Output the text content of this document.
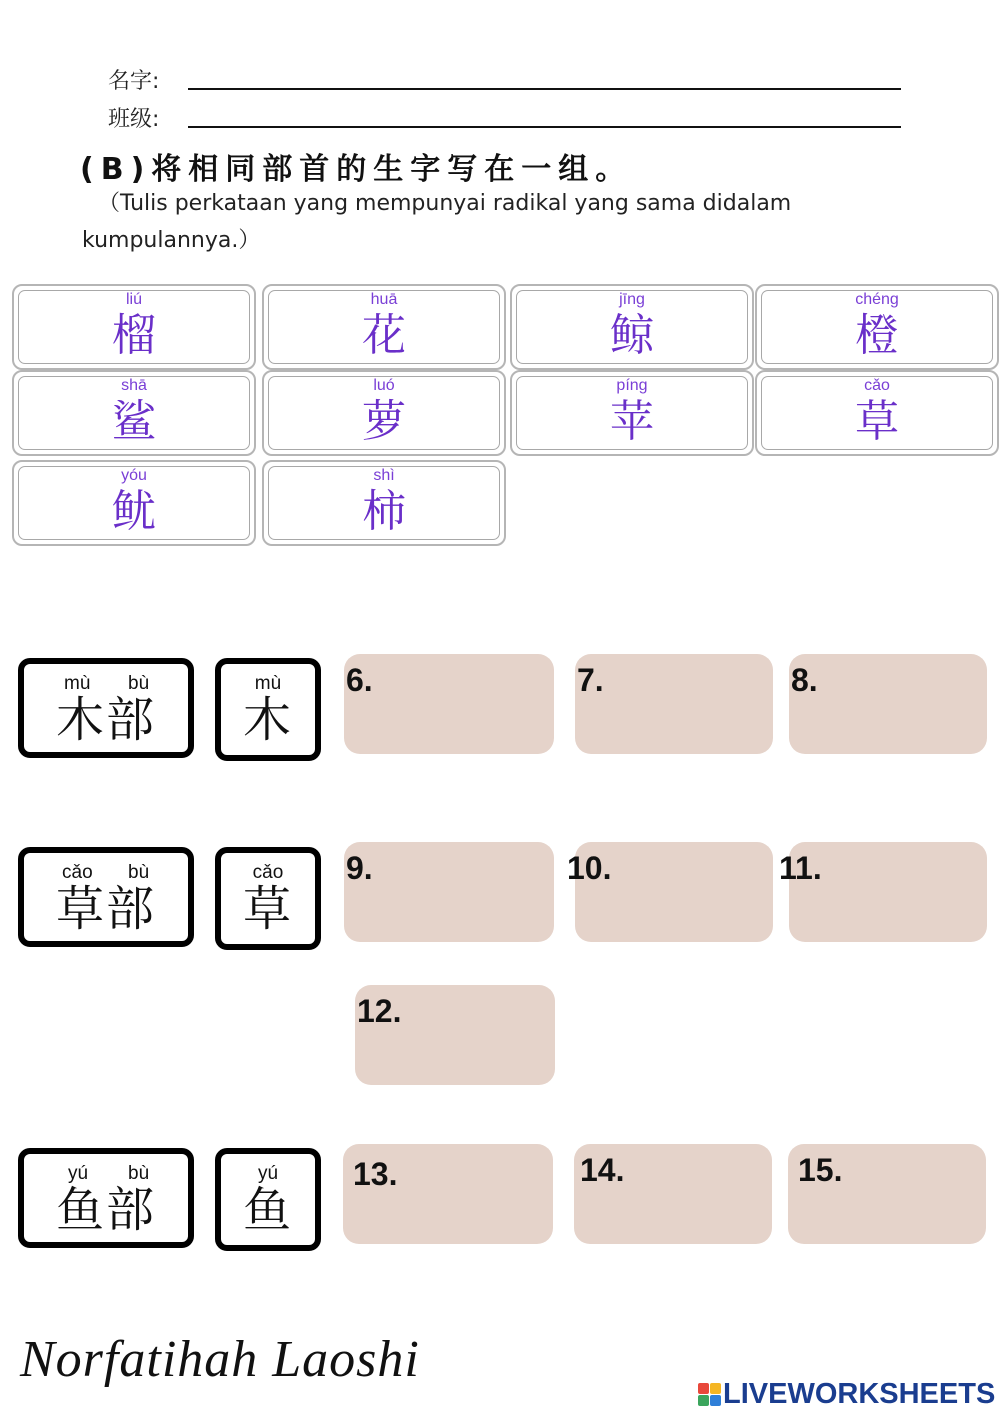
名字:
班级:
(B)将相同部首的生字写在一组。
（Tulis perkataan yang mempunyai radikal yang sama didalam kumpulannya.）
liú
榴
huā
花
jīng
鲸
chéng
橙
shā
鲨
luó
萝
píng
苹
cǎo
草
yóu
鱿
shì
柿
mù bù
木部
mù
木
6.	7.	8.
cǎo bù
草部
cǎo
草
9.	10.	11.
12.
yú bù
鱼部
yú
鱼
13.	14.	15.
Norfatihah Laoshi
LIVEWORKSHEETS
